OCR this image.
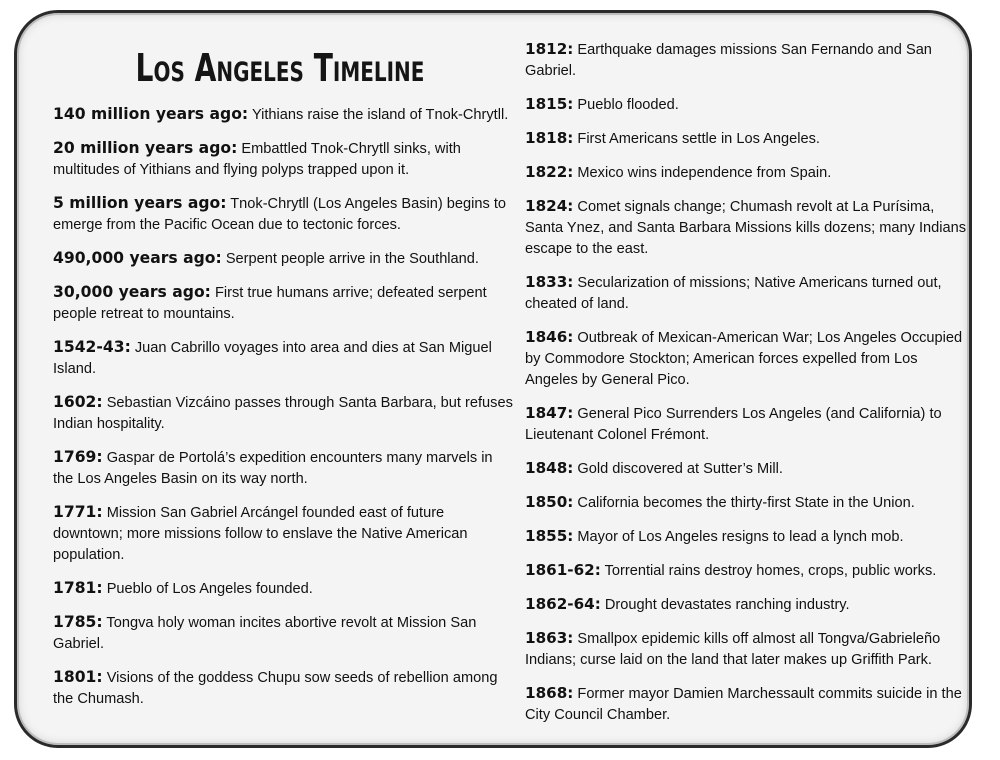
Los Angeles Timeline

140 million years ago: Yithians raise the island of Tnok-Chrytll.

20 million years ago: Embattled Tnok-Chrytll sinks, with multitudes of Yithians and flying polyps trapped upon it.

5 million years ago: Tnok-Chrytll (Los Angeles Basin) begins to emerge from the Pacific Ocean due to tectonic forces.

490,000 years ago: Serpent people arrive in the Southland.

30,000 years ago: First true humans arrive; defeated serpent people retreat to mountains.

1542-43: Juan Cabrillo voyages into area and dies at San Miguel Island.

1602: Sebastian Vizcáino passes through Santa Barbara, but refuses Indian hospitality.

1769: Gaspar de Portolá’s expedition encounters many marvels in the Los Angeles Basin on its way north.

1771: Mission San Gabriel Arcángel founded east of future downtown; more missions follow to enslave the Native American population.

1781: Pueblo of Los Angeles founded.

1785: Tongva holy woman incites abortive revolt at Mission San Gabriel.

1801: Visions of the goddess Chupu sow seeds of rebellion among the Chumash.

1812: Earthquake damages missions San Fernando and San Gabriel.

1815: Pueblo flooded.

1818: First Americans settle in Los Angeles.

1822: Mexico wins independence from Spain.

1824: Comet signals change; Chumash revolt at La Purísima, Santa Ynez, and Santa Barbara Missions kills dozens; many Indians escape to the east.

1833: Secularization of missions; Native Americans turned out, cheated of land.

1846: Outbreak of Mexican-American War; Los Angeles Occupied by Commodore Stockton; American forces expelled from Los Angeles by General Pico.

1847: General Pico Surrenders Los Angeles (and California) to Lieutenant Colonel Frémont.

1848: Gold discovered at Sutter’s Mill.

1850: California becomes the thirty-first State in the Union.

1855: Mayor of Los Angeles resigns to lead a lynch mob.

1861-62: Torrential rains destroy homes, crops, public works.

1862-64: Drought devastates ranching industry.

1863: Smallpox epidemic kills off almost all Tongva/Gabrieleño Indians; curse laid on the land that later makes up Griffith Park.

1868: Former mayor Damien Marchessault commits suicide in the City Council Chamber.
